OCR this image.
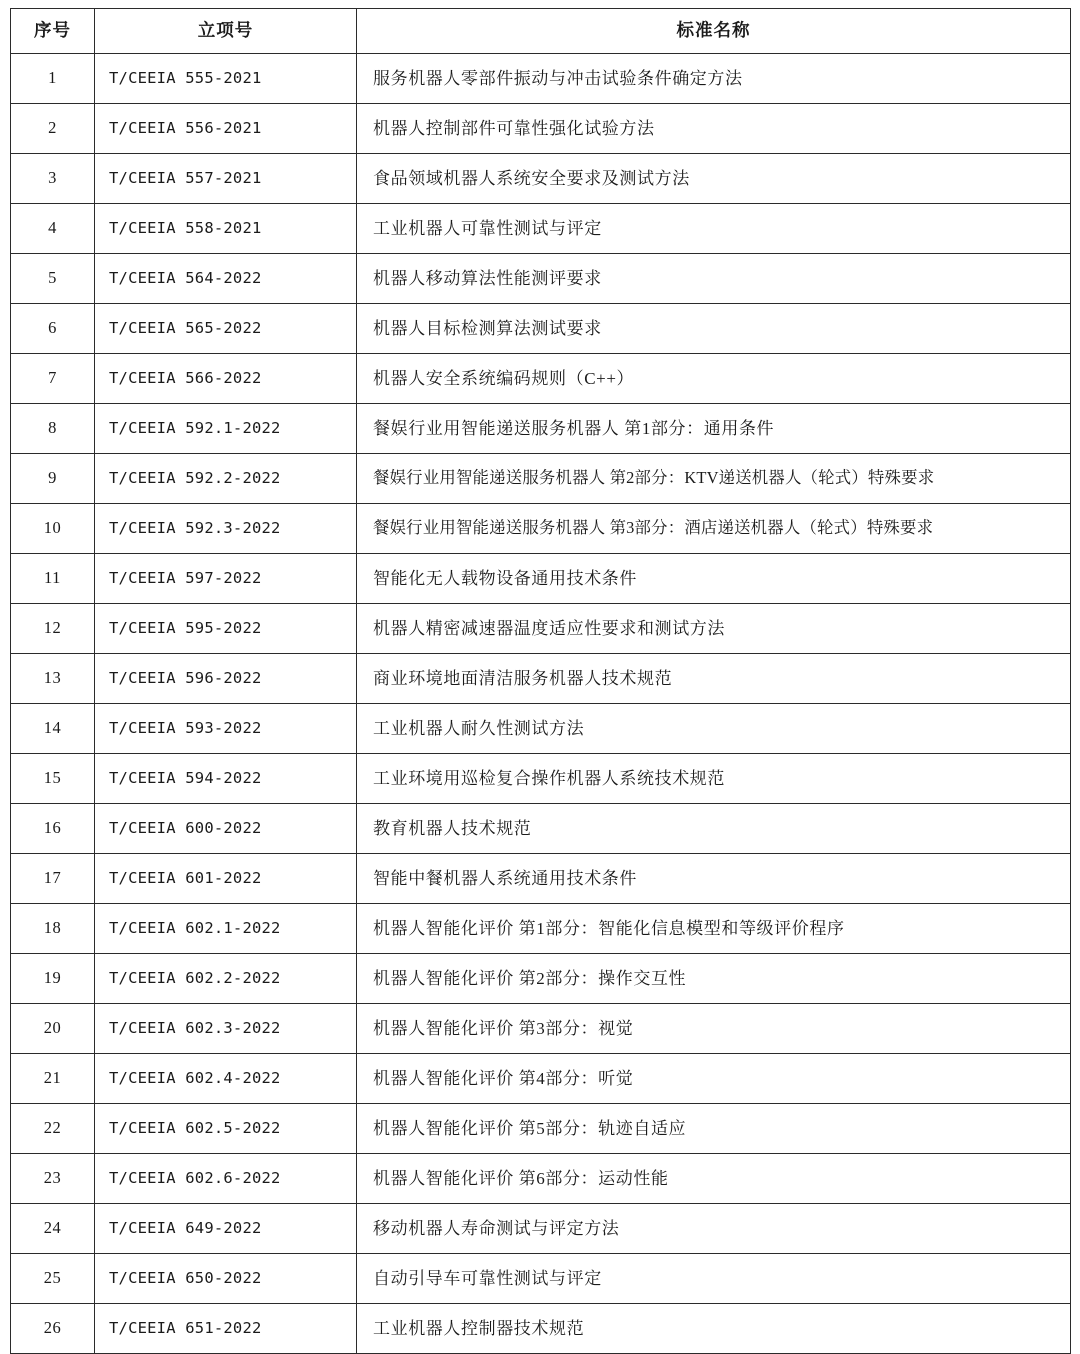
序号	立项号	标准名称

1	T/CEEIA 555-2021	服务机器人零部件振动与冲击试验条件确定方法

2	T/CEEIA 556-2021	机器人控制部件可靠性强化试验方法

3	T/CEEIA 557-2021	食品领域机器人系统安全要求及测试方法

4	T/CEEIA 558-2021	工业机器人可靠性测试与评定

5	T/CEEIA 564-2022	机器人移动算法性能测评要求

6	T/CEEIA 565-2022	机器人目标检测算法测试要求

7	T/CEEIA 566-2022	机器人安全系统编码规则（C++）

8	T/CEEIA 592.1-2022	餐娱行业用智能递送服务机器人 第1部分：通用条件

9	T/CEEIA 592.2-2022	餐娱行业用智能递送服务机器人 第2部分：KTV递送机器人（轮式）特殊要求

10	T/CEEIA 592.3-2022	餐娱行业用智能递送服务机器人 第3部分：酒店递送机器人（轮式）特殊要求

11	T/CEEIA 597-2022	智能化无人载物设备通用技术条件

12	T/CEEIA 595-2022	机器人精密减速器温度适应性要求和测试方法

13	T/CEEIA 596-2022	商业环境地面清洁服务机器人技术规范

14	T/CEEIA 593-2022	工业机器人耐久性测试方法

15	T/CEEIA 594-2022	工业环境用巡检复合操作机器人系统技术规范

16	T/CEEIA 600-2022	教育机器人技术规范

17	T/CEEIA 601-2022	智能中餐机器人系统通用技术条件

18	T/CEEIA 602.1-2022	机器人智能化评价 第1部分：智能化信息模型和等级评价程序

19	T/CEEIA 602.2-2022	机器人智能化评价 第2部分：操作交互性

20	T/CEEIA 602.3-2022	机器人智能化评价 第3部分：视觉

21	T/CEEIA 602.4-2022	机器人智能化评价 第4部分：听觉

22	T/CEEIA 602.5-2022	机器人智能化评价 第5部分：轨迹自适应

23	T/CEEIA 602.6-2022	机器人智能化评价 第6部分：运动性能

24	T/CEEIA 649-2022	移动机器人寿命测试与评定方法

25	T/CEEIA 650-2022	自动引导车可靠性测试与评定

26	T/CEEIA 651-2022	工业机器人控制器技术规范
